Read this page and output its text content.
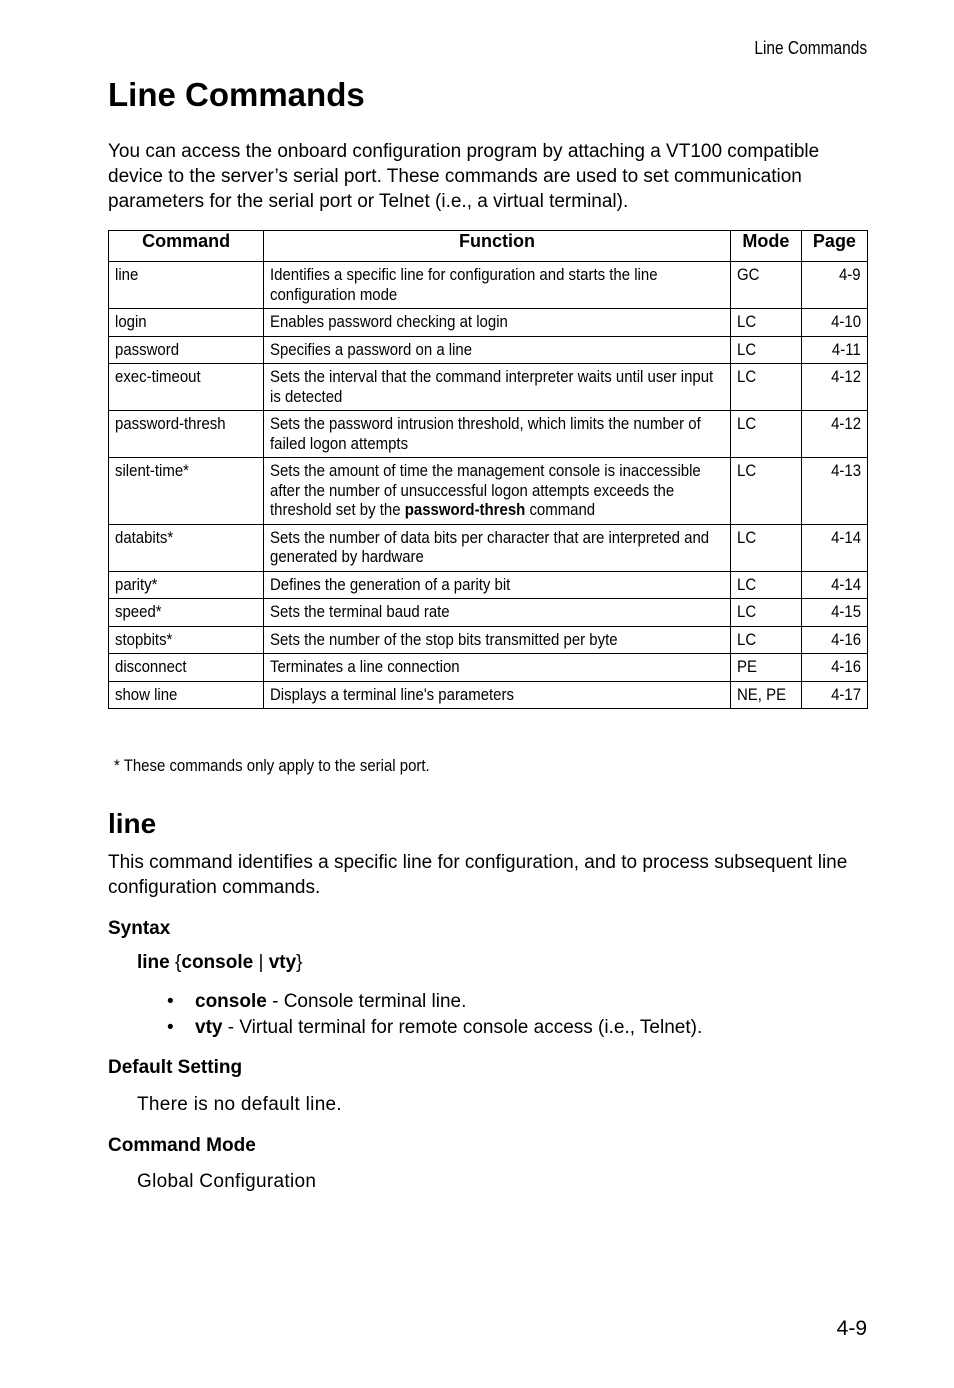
Line Commands
Line Commands

You can access the onboard configuration program by attaching a VT100 compatible device to the server’s serial port. These commands are used to set communication parameters for the serial port or Telnet (i.e., a virtual terminal).

Command	Function	Mode	Page
line	Identifies a specific line for configuration and starts the line configuration mode	GC	4-9
login	Enables password checking at login	LC	4-10
password	Specifies a password on a line	LC	4-11
exec-timeout	Sets the interval that the command interpreter waits until user input is detected	LC	4-12
password-thresh	Sets the password intrusion threshold, which limits the number of failed logon attempts	LC	4-12
silent-time*	Sets the amount of time the management console is inaccessible after the number of unsuccessful logon attempts exceeds the threshold set by the password-thresh command	LC	4-13
databits*	Sets the number of data bits per character that are interpreted and generated by hardware	LC	4-14
parity*	Defines the generation of a parity bit	LC	4-14
speed*	Sets the terminal baud rate	LC	4-15
stopbits*	Sets the number of the stop bits transmitted per byte	LC	4-16
disconnect	Terminates a line connection	PE	4-16
show line	Displays a terminal line's parameters	NE, PE	4-17
* These commands only apply to the serial port.
line

This command identifies a specific line for configuration, and to process subsequent line configuration commands.

Syntax
line {console | vty}
• console - Console terminal line.
• vty - Virtual terminal for remote console access (i.e., Telnet).
Default Setting
There is no default line.
Command Mode
Global Configuration
4-9
